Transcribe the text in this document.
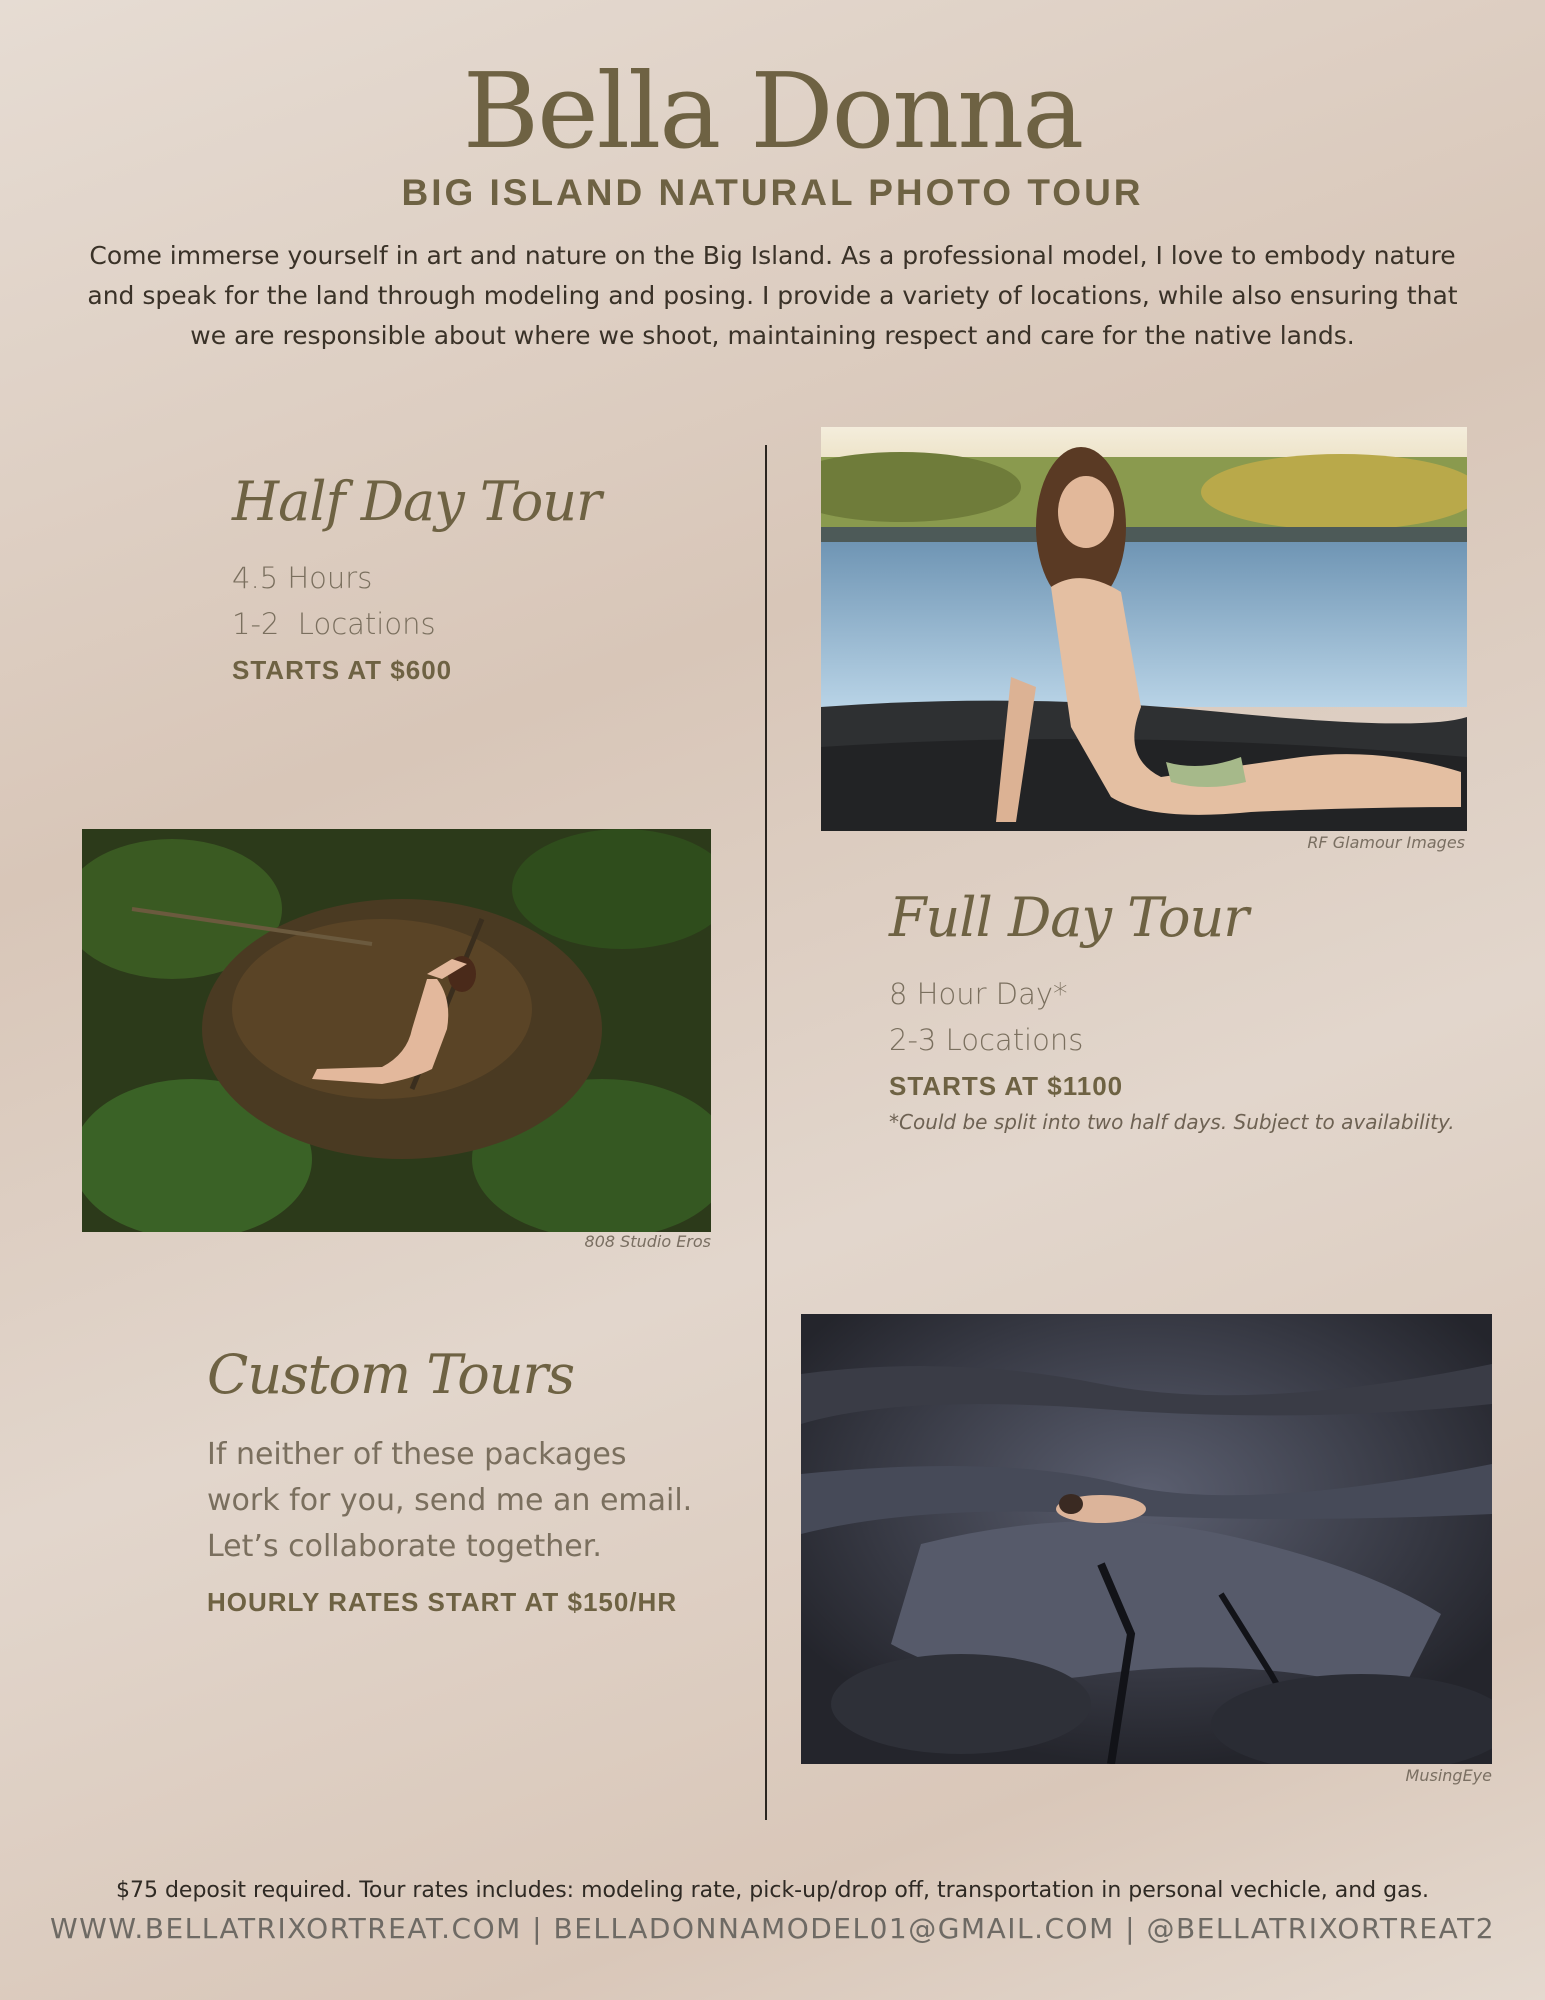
Bella Donna
BIG ISLAND NATURAL PHOTO TOUR
Come immerse yourself in art and nature on the Big Island. As a professional model, I love to embody nature and speak for the land through modeling and posing. I provide a variety of locations, while also ensuring that we are responsible about where we shoot, maintaining respect and care for the native lands.
Half Day Tour
4.5 Hours
1-2  Locations
STARTS AT $600
RF Glamour Images
808 Studio Eros
Full Day Tour
8 Hour Day*
2-3 Locations
STARTS AT $1100
*Could be split into two half days. Subject to availability.
Custom Tours
If neither of these packages work for you, send me an email. Let’s collaborate together.
HOURLY RATES START AT $150/HR
MusingEye
$75 deposit required. Tour rates includes: modeling rate, pick-up/drop off, transportation in personal vechicle, and gas.
WWW.BELLATRIXORTREAT.COM | BELLADONNAMODEL01@GMAIL.COM | @BELLATRIXORTREAT2
